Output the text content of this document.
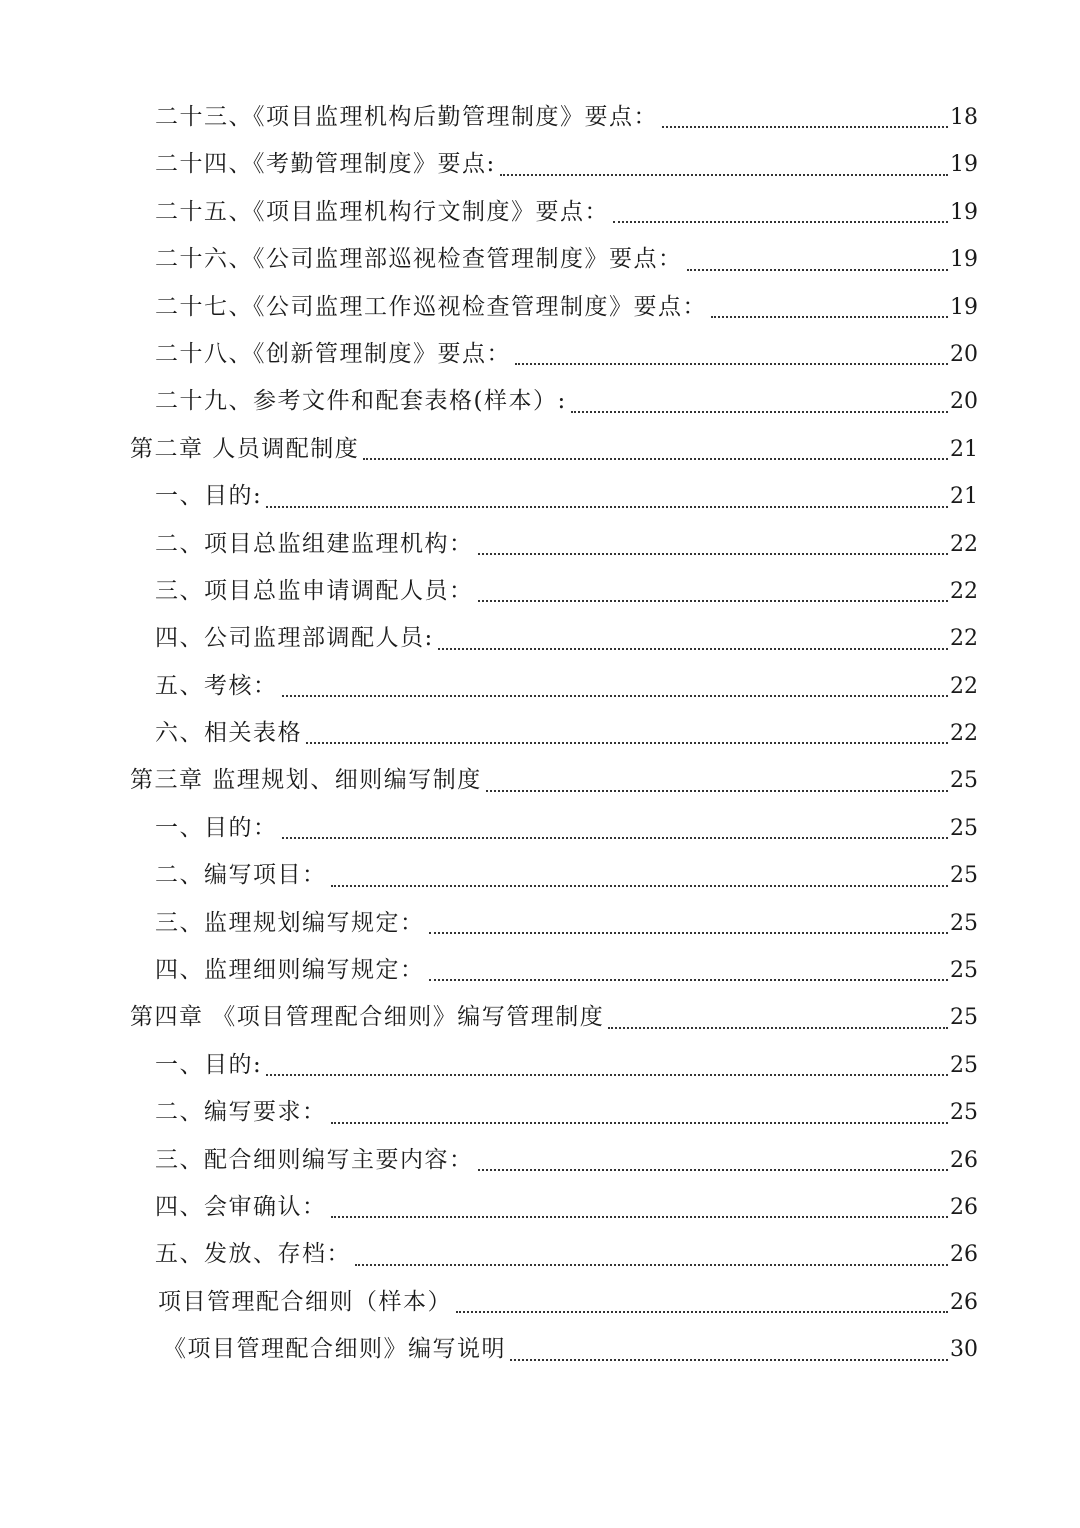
二十三、《项目监理机构后勤管理制度》要点：	18
二十四、《考勤管理制度》要点:	19
二十五、《项目监理机构行文制度》要点：	19
二十六、《公司监理部巡视检查管理制度》要点：	19
二十七、《公司监理工作巡视检查管理制度》要点：	19
二十八、《创新管理制度》要点：	20
二十九、参考文件和配套表格(样本）:	20
第二章 人员调配制度	21
一、目的:	21
二、项目总监组建监理机构：	22
三、项目总监申请调配人员：	22
四、公司监理部调配人员:	22
五、考核：	22
六、相关表格	22
第三章 监理规划、细则编写制度	25
一、目的：	25
二、编写项目：	25
三、监理规划编写规定：	25
四、监理细则编写规定：	25
第四章 《项目管理配合细则》编写管理制度	25
一、目的:	25
二、编写要求：	25
三、配合细则编写主要内容：	26
四、会审确认：	26
五、发放、存档：	26
项目管理配合细则（样本）	26
《项目管理配合细则》编写说明	30
